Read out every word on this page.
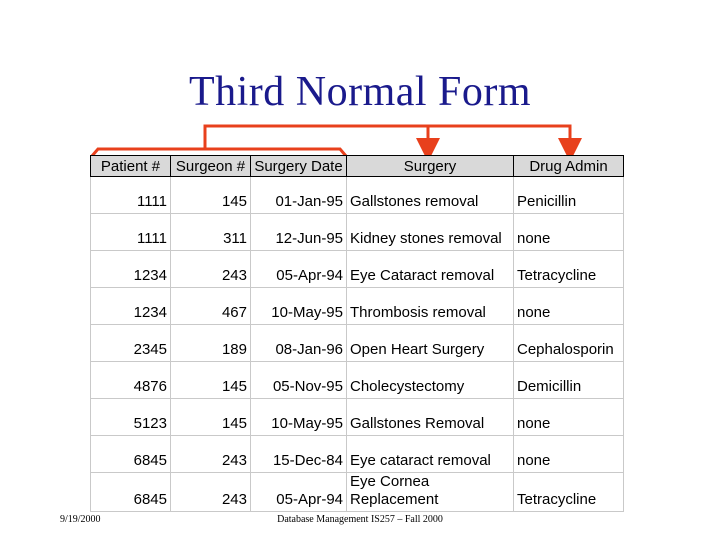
Third Normal Form
Patient #	Surgeon #	Surgery Date	Surgery	Drug Admin
1111	145	01-Jan-95	Gallstones removal	Penicillin
1111	311	12-Jun-95	Kidney stones removal	none
1234	243	05-Apr-94	Eye Cataract removal	Tetracycline
1234	467	10-May-95	Thrombosis removal	none
2345	189	08-Jan-96	Open Heart Surgery	Cephalosporin
4876	145	05-Nov-95	Cholecystectomy	Demicillin
5123	145	10-May-95	Gallstones Removal	none
6845	243	15-Dec-84	Eye cataract removal	none
6845	243	05-Apr-94	Eye Cornea Replacement	Tetracycline
9/19/2000	Database Management IS257 – Fall 2000
